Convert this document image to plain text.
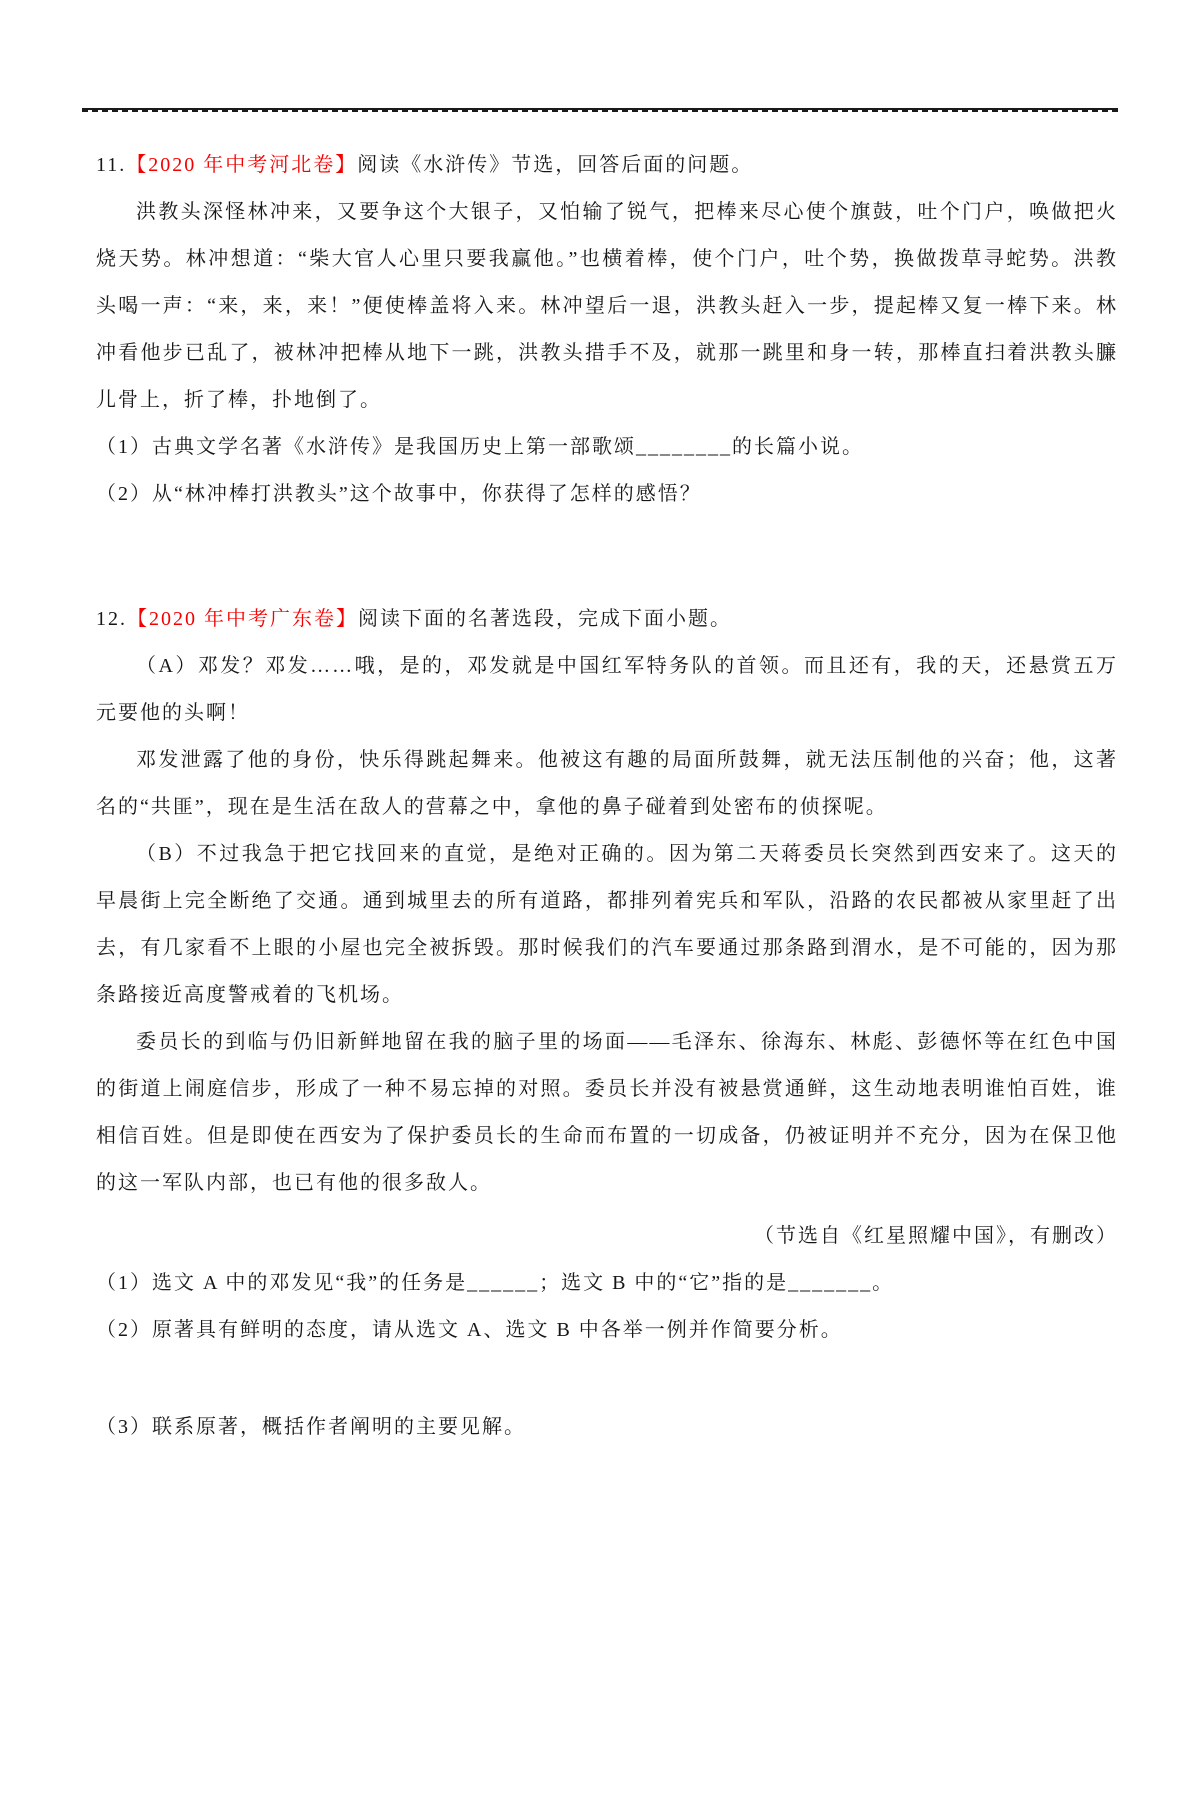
11.【2020 年中考河北卷】阅读《水浒传》节选，回答后面的问题。

洪教头深怪林冲来，又要争这个大银子，又怕输了锐气，把棒来尽心使个旗鼓，吐个门户，唤做把火烧天势。林冲想道：“柴大官人心里只要我赢他。”也横着棒，使个门户，吐个势，换做拨草寻蛇势。洪教头喝一声：“来，来，来！”便使棒盖将入来。林冲望后一退，洪教头赶入一步，提起棒又复一棒下来。林冲看他步已乱了，被林冲把棒从地下一跳，洪教头措手不及，就那一跳里和身一转，那棒直扫着洪教头臁儿骨上，折了棒，扑地倒了。

（1）古典文学名著《水浒传》是我国历史上第一部歌颂________的长篇小说。

（2）从“林冲棒打洪教头”这个故事中，你获得了怎样的感悟？

12.【2020 年中考广东卷】阅读下面的名著选段，完成下面小题。

（A）邓发？邓发……哦，是的，邓发就是中国红军特务队的首领。而且还有，我的天，还悬赏五万元要他的头啊！

邓发泄露了他的身份，快乐得跳起舞来。他被这有趣的局面所鼓舞，就无法压制他的兴奋；他，这著名的“共匪”，现在是生活在敌人的营幕之中，拿他的鼻子碰着到处密布的侦探呢。

（B）不过我急于把它找回来的直觉，是绝对正确的。因为第二天蒋委员长突然到西安来了。这天的早晨街上完全断绝了交通。通到城里去的所有道路，都排列着宪兵和军队，沿路的农民都被从家里赶了出去，有几家看不上眼的小屋也完全被拆毁。那时候我们的汽车要通过那条路到渭水，是不可能的，因为那条路接近高度警戒着的飞机场。

委员长的到临与仍旧新鲜地留在我的脑子里的场面——毛泽东、徐海东、林彪、彭德怀等在红色中国的街道上闹庭信步，形成了一种不易忘掉的对照。委员长并没有被悬赏通鲜，这生动地表明谁怕百姓，谁相信百姓。但是即使在西安为了保护委员长的生命而布置的一切成备，仍被证明并不充分，因为在保卫他的这一军队内部，也已有他的很多敌人。

（节选自《红星照耀中国》，有删改）

（1）选文 A 中的邓发见“我”的任务是______；选文 B 中的“它”指的是_______。

（2）原著具有鲜明的态度，请从选文 A、选文 B 中各举一例并作简要分析。

（3）联系原著，概括作者阐明的主要见解。
